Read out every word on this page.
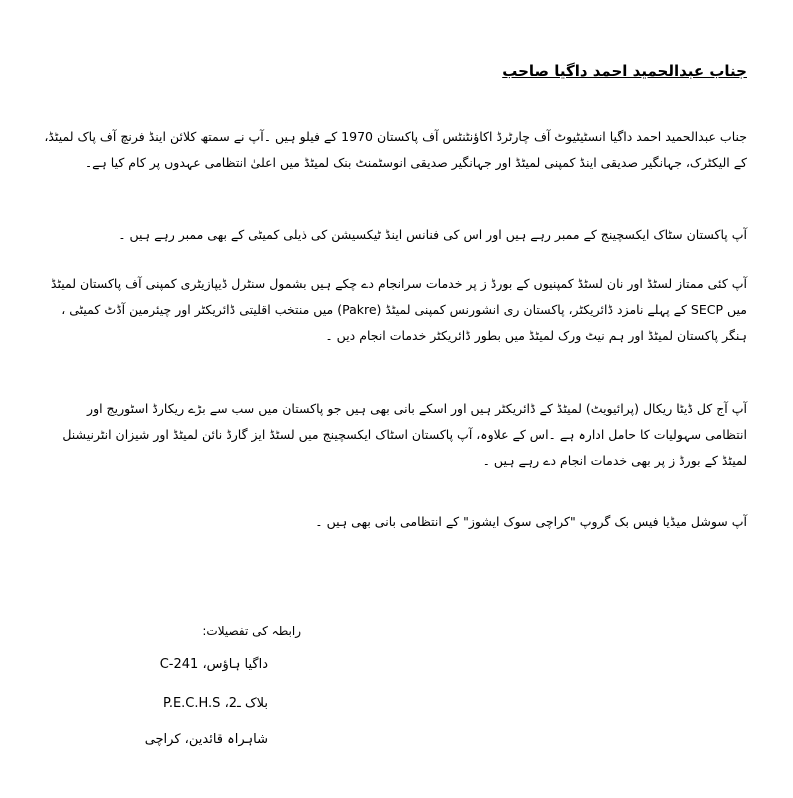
جناب عبدالحمید احمد داگیا صاحب

جناب عبدالحمید احمد داگیا انسٹیٹیوٹ آف چارٹرڈ اکاؤنٹنٹس آف پاکستان 1970 کے فیلو ہیں ۔آپ نے سمتھ کلائن اینڈ فرنچ آف پاک لمیٹڈ، کے الیکٹرک، جہانگیر صدیقی اینڈ کمپنی لمیٹڈ اور جہانگیر صدیقی انوسٹمنٹ بنک لمیٹڈ میں اعلیٰ انتظامی عہدوں پر کام کیا ہے۔

آپ پاکستان سٹاک ایکسچینج کے ممبر رہے ہیں اور اس کی فنانس اینڈ ٹیکسیشن کی ذیلی کمیٹی کے بھی ممبر رہے ہیں ۔

آپ کئی ممتاز لسٹڈ اور نان لسٹڈ کمپنیوں کے بورڈ ز پر خدمات سرانجام دے چکے ہیں بشمول سنٹرل ڈیپازیٹری کمپنی آف پاکستان لمیٹڈ میں SECP کے پہلے نامزد ڈائریکٹر، پاکستان ری انشورنس کمپنی لمیٹڈ (Pakre) میں منتخب اقلیتی ڈائریکٹر اور چیئرمین آڈٹ کمیٹی ، ہنگر پاکستان لمیٹڈ اور ہم نیٹ ورک لمیٹڈ میں بطور ڈائریکٹر خدمات انجام دیں ۔

آپ آج کل ڈیٹا ریکال (پرائیویٹ) لمیٹڈ کے ڈائریکٹر ہیں اور اسکے بانی بھی ہیں جو پاکستان میں سب سے بڑے ریکارڈ اسٹوریج اور انتظامی سہولیات کا حامل ادارہ ہے ۔اس کے علاوہ، آپ پاکستان اسٹاک ایکسچینج میں لسٹڈ ایز گارڈ نائن لمیٹڈ اور شیزان انٹرنیشنل لمیٹڈ کے بورڈ ز پر بھی خدمات انجام دے رہے ہیں ۔

آپ سوشل میڈیا فیس بک گروپ "کراچی سوک ایشوز" کے انتظامی بانی بھی ہیں ۔

رابطہ کی تفصیلات:
داگیا ہاؤس، 241-C
بلاک ـ2، P.E.C.H.S
شاہراہ قائدین، کراچی
